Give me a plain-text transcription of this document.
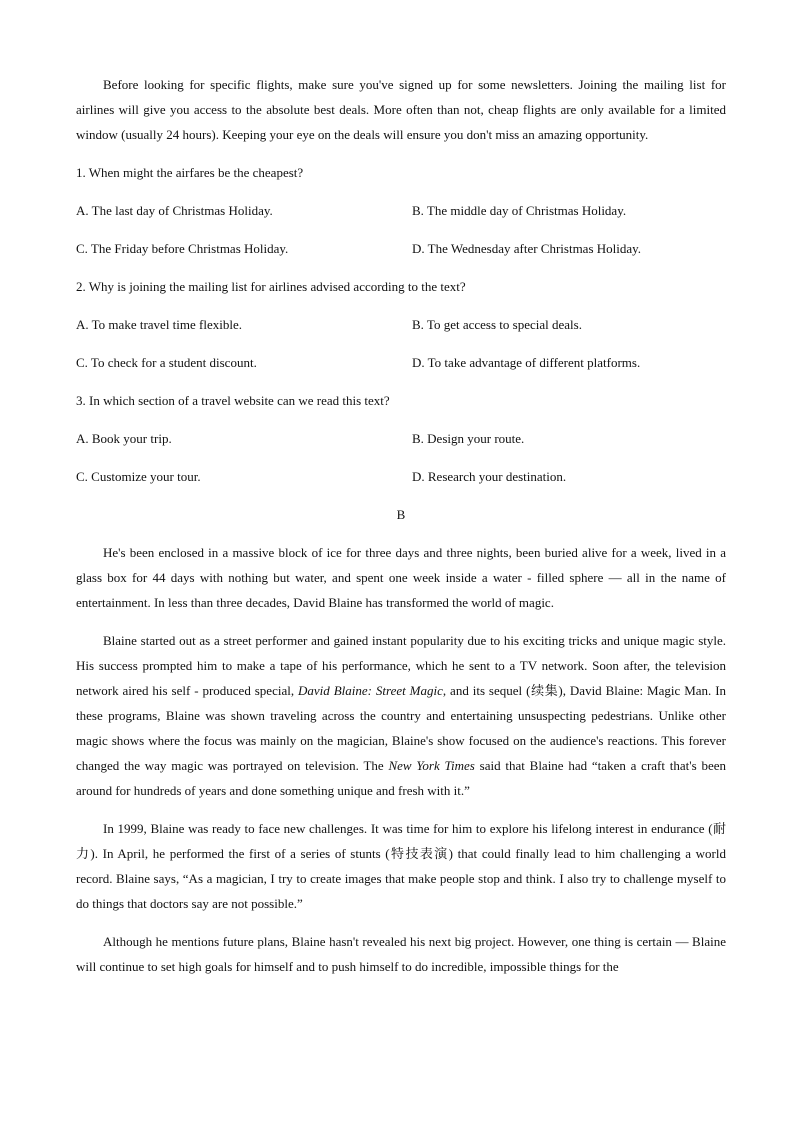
Before looking for specific flights, make sure you've signed up for some newsletters. Joining the mailing list for airlines will give you access to the absolute best deals. More often than not, cheap flights are only available for a limited window (usually 24 hours). Keeping your eye on the deals will ensure you don't miss an amazing opportunity.

1. When might the airfares be the cheapest?

A. The last day of Christmas Holiday.	B. The middle day of Christmas Holiday.
C. The Friday before Christmas Holiday.	D. The Wednesday after Christmas Holiday.

2. Why is joining the mailing list for airlines advised according to the text?

A. To make travel time flexible.	B. To get access to special deals.
C. To check for a student discount.	D. To take advantage of different platforms.

3. In which section of a travel website can we read this text?

A. Book your trip.	B. Design your route.
C. Customize your tour.	D. Research your destination.

B

He's been enclosed in a massive block of ice for three days and three nights, been buried alive for a week, lived in a glass box for 44 days with nothing but water, and spent one week inside a water - filled sphere — all in the name of entertainment. In less than three decades, David Blaine has transformed the world of magic.

Blaine started out as a street performer and gained instant popularity due to his exciting tricks and unique magic style. His success prompted him to make a tape of his performance, which he sent to a TV network. Soon after, the television network aired his self - produced special, David Blaine: Street Magic, and its sequel (续集), David Blaine: Magic Man. In these programs, Blaine was shown traveling across the country and entertaining unsuspecting pedestrians. Unlike other magic shows where the focus was mainly on the magician, Blaine's show focused on the audience's reactions. This forever changed the way magic was portrayed on television. The New York Times said that Blaine had “taken a craft that's been around for hundreds of years and done something unique and fresh with it.”

In 1999, Blaine was ready to face new challenges. It was time for him to explore his lifelong interest in endurance (耐力). In April, he performed the first of a series of stunts (特技表演) that could finally lead to him challenging a world record. Blaine says, “As a magician, I try to create images that make people stop and think. I also try to challenge myself to do things that doctors say are not possible.”

Although he mentions future plans, Blaine hasn't revealed his next big project. However, one thing is certain — Blaine will continue to set high goals for himself and to push himself to do incredible, impossible things for the
